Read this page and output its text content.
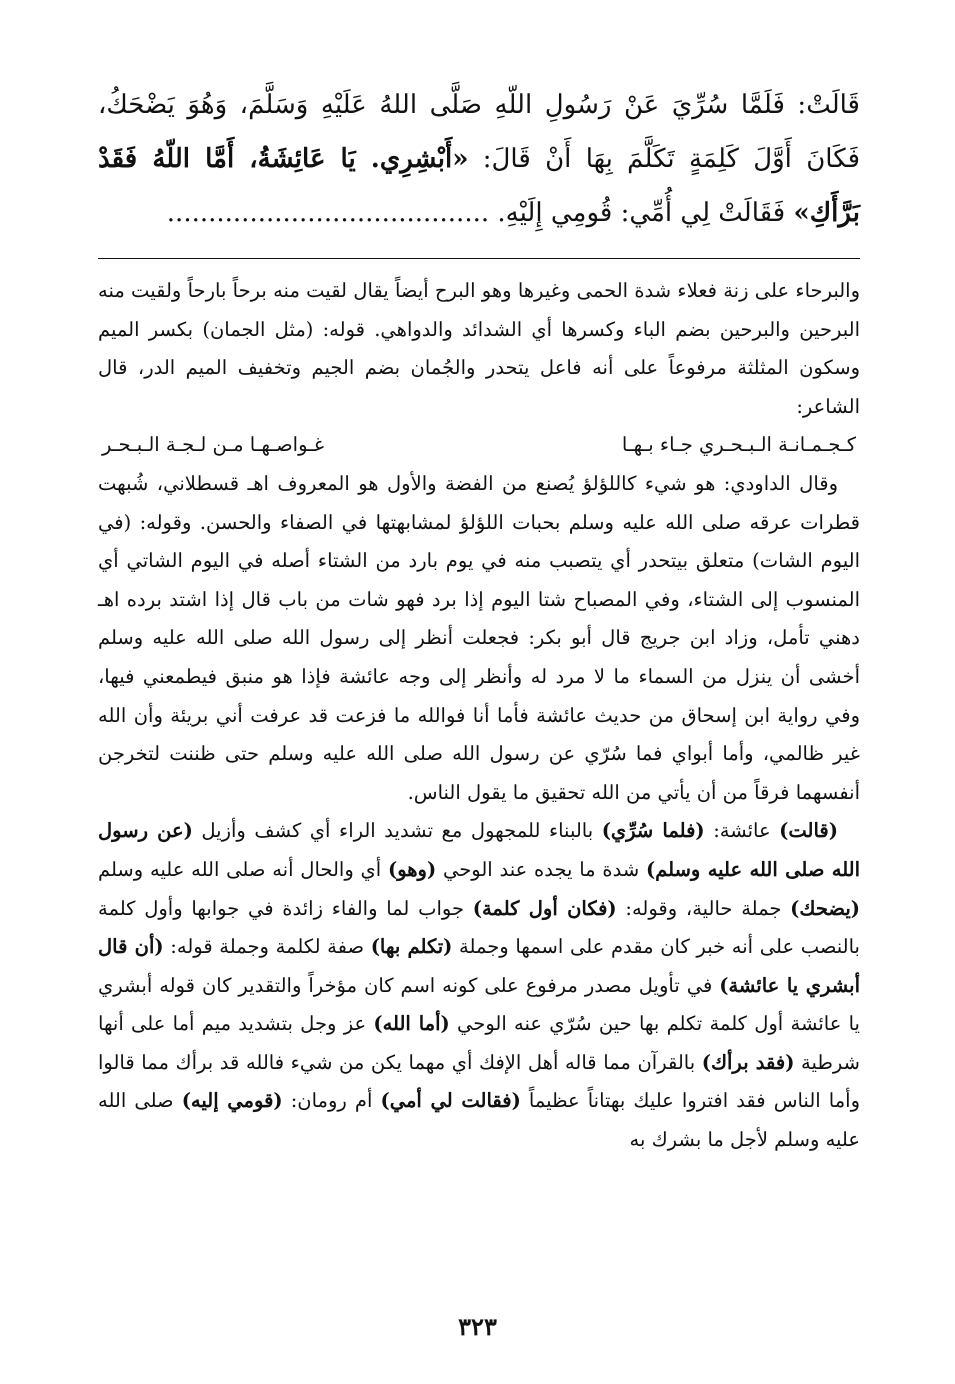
قَالَتْ: فَلَمَّا سُرِّيَ عَنْ رَسُولِ اللّهِ صَلَّى اللهُ عَلَيْهِ وَسَلَّمَ، وَهُوَ يَضْحَكُ، فَكَانَ أَوَّلَ كَلِمَةٍ تَكَلَّمَ بِهَا أَنْ قَالَ: «أَبْشِرِي. يَا عَائِشَةُ، أَمَّا اللّهُ فَقَدْ بَرَّأَكِ» فَقَالَتْ لِي أُمِّي: قُومِي إِلَيْهِ. .......................................

والبرحاء على زنة فعلاء شدة الحمى وغيرها وهو البرح أيضاً يقال لقيت منه برحاً بارحاً ولقيت منه البرحين والبرحين بضم الباء وكسرها أي الشدائد والدواهي. قوله: (مثل الجمان) بكسر الميم وسكون المثلثة مرفوعاً على أنه فاعل يتحدر والجُمان بضم الجيم وتخفيف الميم الدر، قال الشاعر:

كـجـمـانـة الـبـحـري جـاء بـهـا
غـواصـهـا مـن لـجـة الـبـحـر

وقال الداودي: هو شيء كاللؤلؤ يُصنع من الفضة والأول هو المعروف اهـ قسطلاني، شُبهت قطرات عرقه صلى الله عليه وسلم بحبات اللؤلؤ لمشابهتها في الصفاء والحسن. وقوله: (في اليوم الشات) متعلق بيتحدر أي يتصبب منه في يوم بارد من الشتاء أصله في اليوم الشاتي أي المنسوب إلى الشتاء، وفي المصباح شتا اليوم إذا برد فهو شات من باب قال إذا اشتد برده اهـ دهني تأمل، وزاد ابن جريج قال أبو بكر: فجعلت أنظر إلى رسول الله صلى الله عليه وسلم أخشى أن ينزل من السماء ما لا مرد له وأنظر إلى وجه عائشة فإذا هو منبق فيطمعني فيها، وفي رواية ابن إسحاق من حديث عائشة فأما أنا فوالله ما فزعت قد عرفت أني بريئة وأن الله غير ظالمي، وأما أبواي فما سُرّي عن رسول الله صلى الله عليه وسلم حتى ظننت لتخرجن أنفسهما فرقاً من أن يأتي من الله تحقيق ما يقول الناس.

(قالت) عائشة: (فلما سُرِّي) بالبناء للمجهول مع تشديد الراء أي كشف وأزيل (عن رسول الله صلى الله عليه وسلم) شدة ما يجده عند الوحي (وهو) أي والحال أنه صلى الله عليه وسلم (يضحك) جملة حالية، وقوله: (فكان أول كلمة) جواب لما والفاء زائدة في جوابها وأول كلمة بالنصب على أنه خبر كان مقدم على اسمها وجملة (تكلم بها) صفة لكلمة وجملة قوله: (أن قال أبشري يا عائشة) في تأويل مصدر مرفوع على كونه اسم كان مؤخراً والتقدير كان قوله أبشري يا عائشة أول كلمة تكلم بها حين سُرّي عنه الوحي (أما الله) عز وجل بتشديد ميم أما على أنها شرطية (فقد برأك) بالقرآن مما قاله أهل الإفك أي مهما يكن من شيء فالله قد برأك مما قالوا وأما الناس فقد افتروا عليك بهتاناً عظيماً (فقالت لي أمي) أم رومان: (قومي إليه) صلى الله عليه وسلم لأجل ما بشرك به

٣٢٣
